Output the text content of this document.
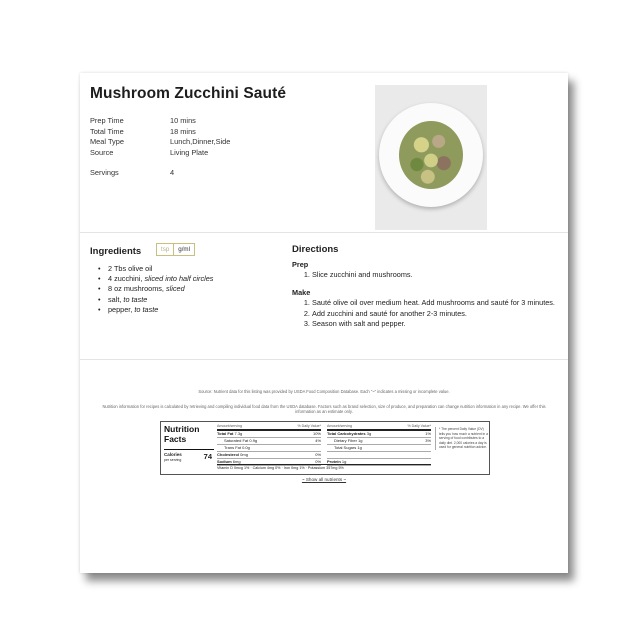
Mushroom Zucchini Sauté
Prep Time	10 mins
Total Time	18 mins
Meal Type	Lunch,Dinner,Side
Source	Living Plate
Servings	4
Ingredients	tsp	g/ml
• 2 Tbs olive oil
• 4 zucchini, sliced into half circles
• 8 oz mushrooms, sliced
• salt, to taste
• pepper, to taste
Directions
Prep
1. Slice zucchini and mushrooms.
Make
1. Sauté olive oil over medium heat. Add mushrooms and sauté for 3 minutes.
2. Add zucchini and sauté for another 2-3 minutes.
3. Season with salt and pepper.
Source: Nutrient data for this listing was provided by USDA Food Composition Database. Each "~" indicates a missing or incomplete value.
Nutrition information for recipes is calculated by retrieving and compiling individual food data from the USDA database. Factors such as brand selection, size of produce, and preparation can change nutrition information in any recipe. We offer this information as an estimate only.
Nutrition Facts
Calories	74
per serving
Amount/serving	% Daily Value*
Total Fat 7.3g	10%
Saturated Fat 0.9g	4%
Trans Fat 0.0g
Cholesterol 0mg	0%
Sodium 6mg	0%
Amount/serving	% Daily Value*
Total Carbohydrates 3g	1%
Dietary Fiber 1g	3%
Total Sugars 1g
Protein 1g
* The percent Daily Value (DV) tells you how much a nutrient in a serving of food contributes to a daily diet. 2,000 calories a day is used for general nutrition advice.
Vitamin D 0mcg 1% · Calcium 4mg 0% · Iron 0mg 1% · Potassium 357mg 5%
~ Show all nutrients ~
